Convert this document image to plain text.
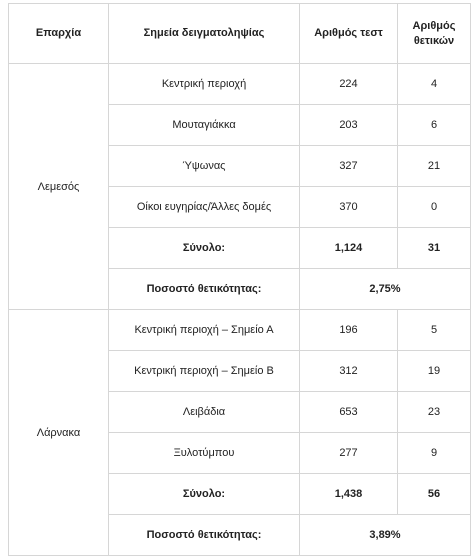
Επαρχία	Σημεία δειγματοληψίας	Αριθμός τεστ	Αριθμός θετικών
Λεμεσός	Κεντρική περιοχή	224	4
	Μουταγιάκκα	203	6
	Ύψωνας	327	21
	Οίκοι ευγηρίας/Άλλες δομές	370	0
	Σύνολο:	1,124	31
	Ποσοστό θετικότητας:	2,75%	
Λάρνακα	Κεντρική περιοχή – Σημείο Α	196	5
	Κεντρική περιοχή – Σημείο Β	312	19
	Λειβάδια	653	23
	Ξυλοτύμπου	277	9
	Σύνολο:	1,438	56
	Ποσοστό θετικότητας:	3,89%	
